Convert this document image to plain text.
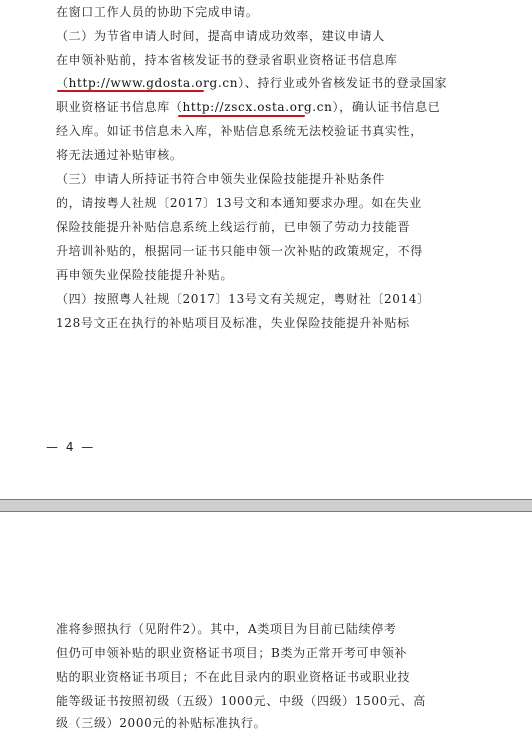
在窗口工作人员的协助下完成申请。
（二）为节省申请人时间，提高申请成功效率，建议申请人
在申领补贴前，持本省核发证书的登录省职业资格证书信息库
（http://www.gdosta.org.cn）、持行业或外省核发证书的登录国家
职业资格证书信息库（http://zscx.osta.org.cn），确认证书信息已
经入库。如证书信息未入库，补贴信息系统无法校验证书真实性，
将无法通过补贴审核。
（三）申请人所持证书符合申领失业保险技能提升补贴条件
的，请按粤人社规〔2017〕13号文和本通知要求办理。如在失业
保险技能提升补贴信息系统上线运行前，已申领了劳动力技能晋
升培训补贴的，根据同一证书只能申领一次补贴的政策规定，不得
再申领失业保险技能提升补贴。
（四）按照粤人社规〔2017〕13号文有关规定，粤财社〔2014〕
128号文正在执行的补贴项目及标准，失业保险技能提升补贴标
— 4 —
准将参照执行（见附件2）。其中，A类项目为目前已陆续停考
但仍可申领补贴的职业资格证书项目；B类为正常开考可申领补
贴的职业资格证书项目；不在此目录内的职业资格证书或职业技
能等级证书按照初级（五级）1000元、中级（四级）1500元、高
级（三级）2000元的补贴标准执行。
